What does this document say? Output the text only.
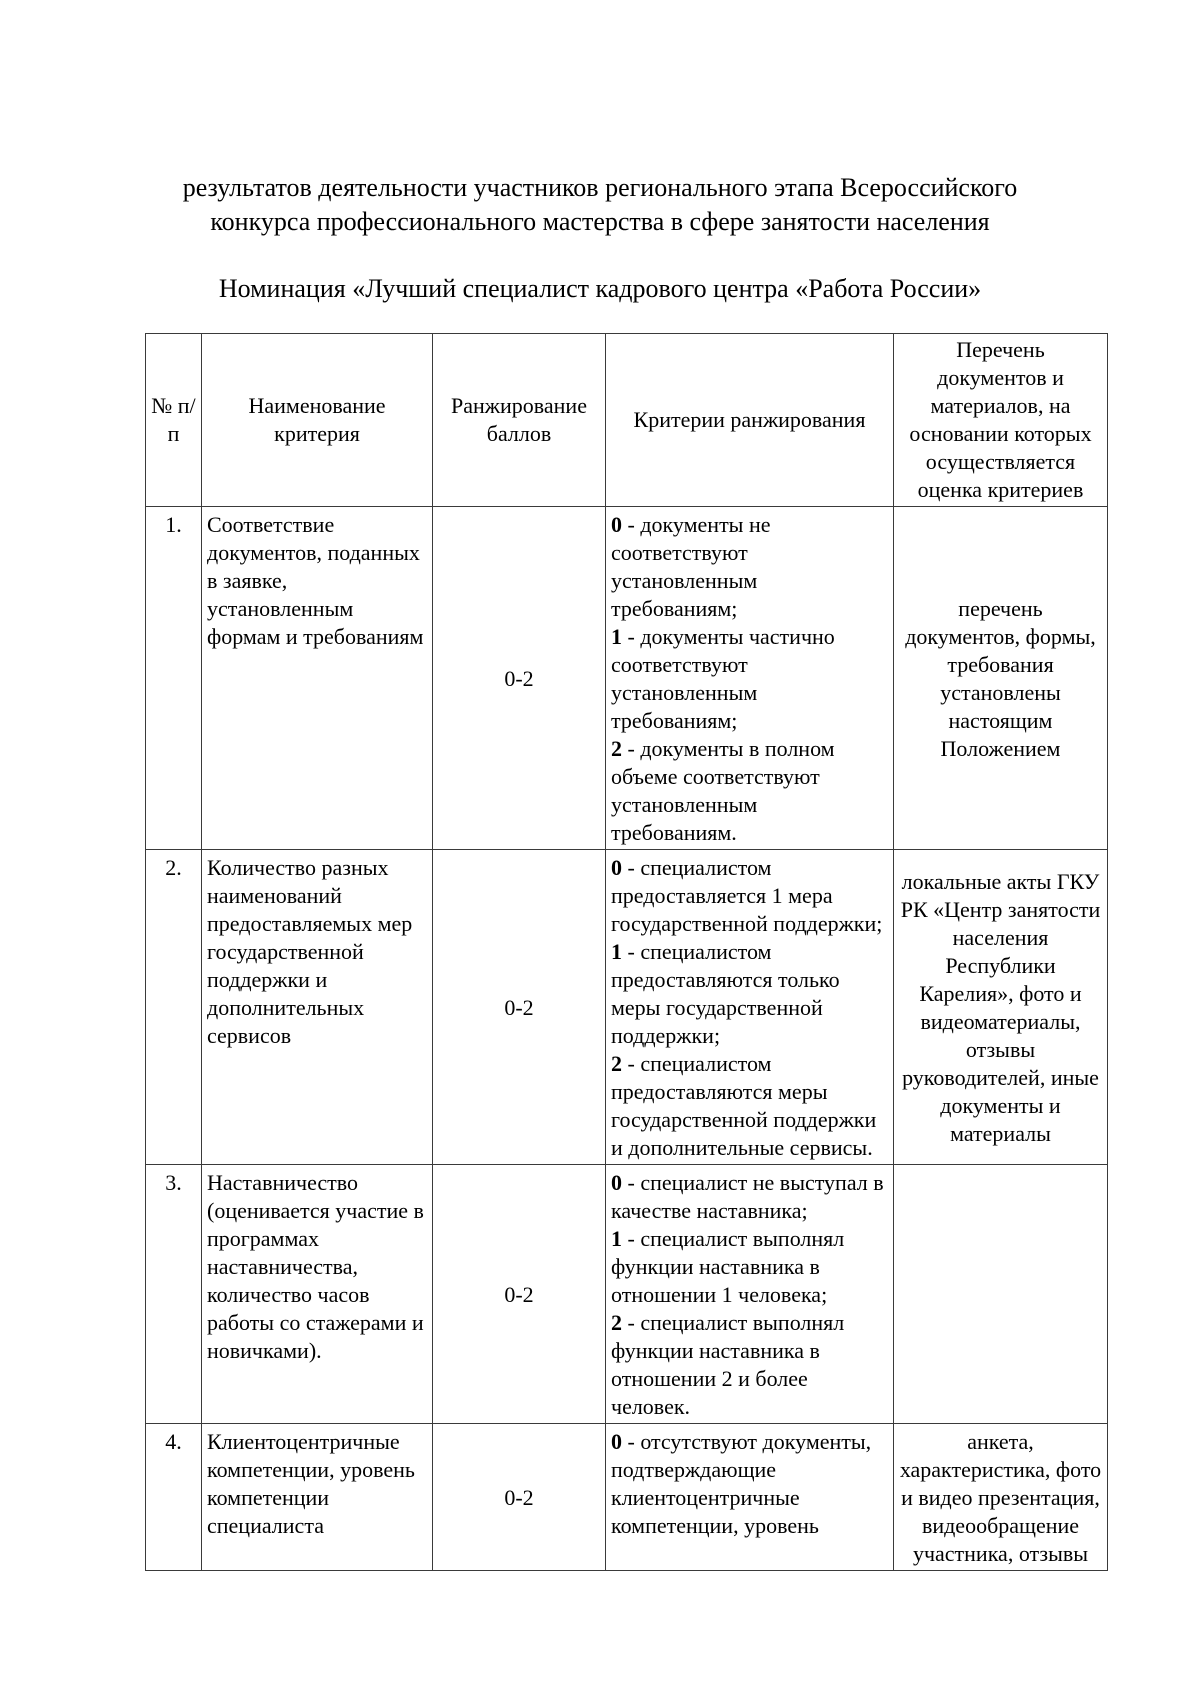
результатов деятельности участников регионального этапа Всероссийского
конкурса профессионального мастерства в сфере занятости населения
Номинация «Лучший специалист кадрового центра «Работа России»
№ п/п	Наименование критерия	Ранжирование баллов	Критерии ранжирования	Перечень документов и материалов, на основании которых осуществляется оценка критериев
1.	Соответствие документов, поданных в заявке, установленным формам и требованиям	0-2	0 - документы не соответствуют установленным требованиям;
1 - документы частично соответствуют установленным требованиям;
2 - документы в полном объеме соответствуют установленным требованиям.	перечень документов, формы, требования установлены настоящим Положением
2.	Количество разных наименований предоставляемых мер государственной поддержки и дополнительных сервисов	0-2	0 - специалистом предоставляется 1 мера государственной поддержки;
1 - специалистом предоставляются только меры государственной поддержки;
2 - специалистом предоставляются меры государственной поддержки и дополнительные сервисы.	локальные акты ГКУ РК «Центр занятости населения Республики Карелия», фото и видеоматериалы, отзывы руководителей, иные документы и материалы
3.	Наставничество (оценивается участие в программах наставничества, количество часов работы со стажерами и новичками).	0-2	0 - специалист не выступал в качестве наставника;
1 - специалист выполнял функции наставника в отношении 1 человека;
2 - специалист выполнял функции наставника в отношении 2 и более человек.	

4.	Клиентоцентричные компетенции, уровень компетенции специалиста	0-2	0 - отсутствуют документы, подтверждающие клиентоцентричные компетенции, уровень	анкета, характеристика, фото и видео презентация, видеообращение участника, отзывы
